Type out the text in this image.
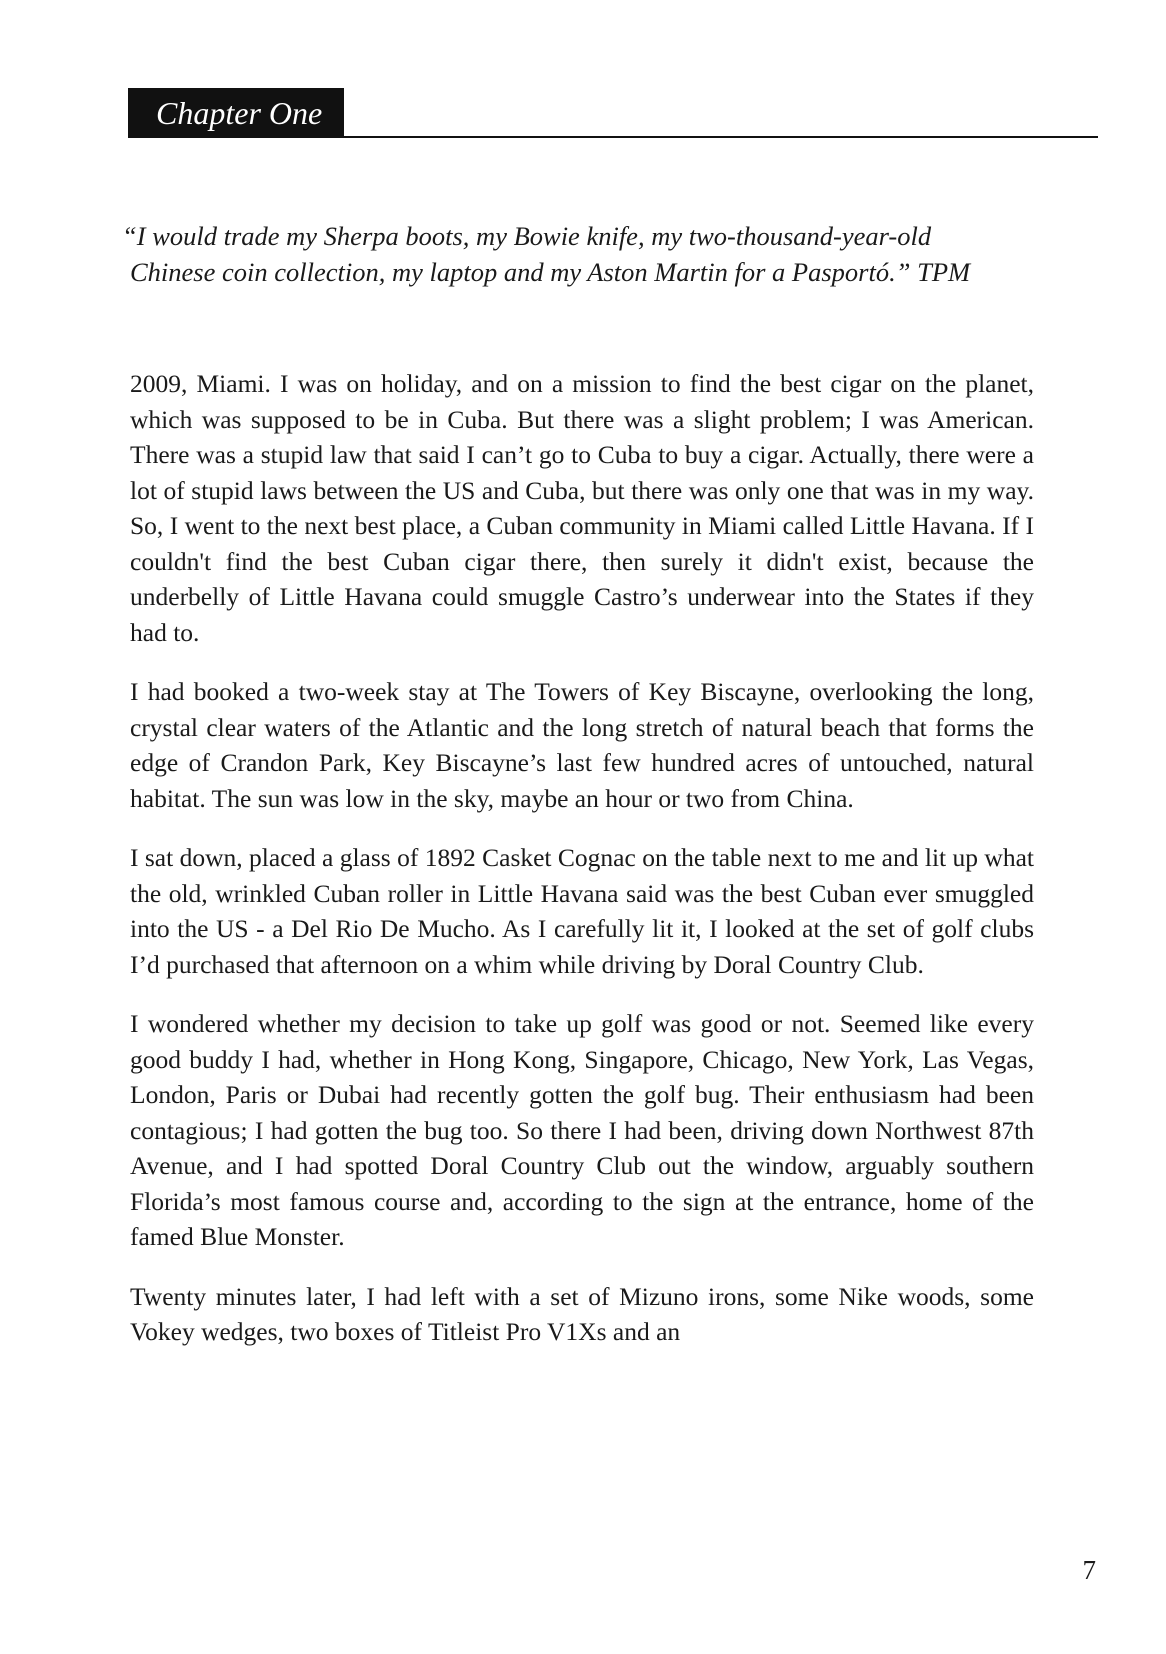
Chapter One
“I would trade my Sherpa boots, my Bowie knife, my two-thousand-year-old
Chinese coin collection, my laptop and my Aston Martin for a Pasportó.” TPM

2009, Miami. I was on holiday, and on a mission to find the best cigar on the planet, which was supposed to be in Cuba. But there was a slight problem; I was American. There was a stupid law that said I can’t go to Cuba to buy a cigar. Actually, there were a lot of stupid laws between the US and Cuba, but there was only one that was in my way. So, I went to the next best place, a Cuban community in Miami called Little Havana. If I couldn't find the best Cuban cigar there, then surely it didn't exist, because the underbelly of Little Havana could smuggle Castro’s underwear into the States if they had to.

I had booked a two-week stay at The Towers of Key Biscayne, overlooking the long, crystal clear waters of the Atlantic and the long stretch of natural beach that forms the edge of Crandon Park, Key Biscayne’s last few hundred acres of untouched, natural habitat. The sun was low in the sky, maybe an hour or two from China.

I sat down, placed a glass of 1892 Casket Cognac on the table next to me and lit up what the old, wrinkled Cuban roller in Little Havana said was the best Cuban ever smuggled into the US - a Del Rio De Mucho. As I carefully lit it, I looked at the set of golf clubs I’d purchased that afternoon on a whim while driving by Doral Country Club.

I wondered whether my decision to take up golf was good or not. Seemed like every good buddy I had, whether in Hong Kong, Singapore, Chicago, New York, Las Vegas, London, Paris or Dubai had recently gotten the golf bug. Their enthusiasm had been contagious; I had gotten the bug too. So there I had been, driving down Northwest 87th Avenue, and I had spotted Doral Country Club out the window, arguably southern Florida’s most famous course and, according to the sign at the entrance, home of the famed Blue Monster.

Twenty minutes later, I had left with a set of Mizuno irons, some Nike woods, some Vokey wedges, two boxes of Titleist Pro V1Xs and an

7
